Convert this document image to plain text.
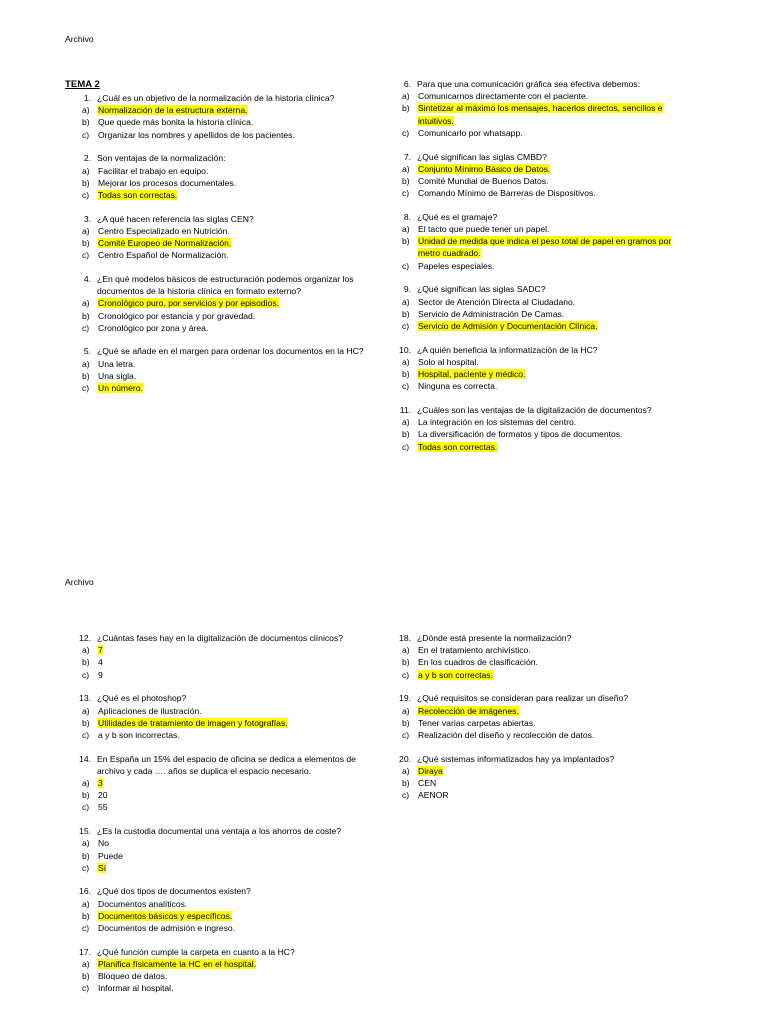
Archivo
TEMA 2
1. ¿Cuál es un objetivo de la normalización de la historia clínica?
a) Normalización de la estructura externa.
b) Que quede más bonita la historia clínica.
c)	Organizar los nombres y apellidos de los pacientes.
2. Son ventajas de la normalización:
a) Facilitar el trabajo en equipo.
b) Mejorar los procesos documentales.
c)	Todas son correctas.
3. ¿A qué hacen referencia las siglas CEN?
a) Centro Especializado en Nutrición.
b) Comité Europeo de Normalización.
c)	Centro Español de Normalización.
4. ¿En qué modelos básicos de estructuración podemos organizar los documentos de la historia clínica en formato externo?
a) Cronológico puro, por servicios y por episodios.
b) Cronológico por estancia y por gravedad.
c)	Cronológico por zona y área.
5. ¿Qué se añade en el margen para ordenar los documentos en la HC?
a) Una letra.
b) Una sigla.
c)	Un número.
6. Para que una comunicación gráfica sea efectiva debemos:
a) Comunicarnos directamente con el paciente.
b) Sintetizar al máximo los mensajes, hacerlos directos, sencillos e intuitivos.
c)	Comunicarlo por whatsapp.
7. ¿Qué significan las siglas CMBD?
a) Conjunto Mínimo Básico de Datos.
b) Comité Mundial de Buenos Datos.
c)	Comando Mínimo de Barreras de Dispositivos.
8. ¿Qué es el gramaje?
a) El tacto que puede tener un papel.
b) Unidad de medida que indica el peso total de papel en gramos por metro cuadrado.
c)	Papeles especiales.
9. ¿Qué significan las siglas SADC?
a) Sector de Atención Directa al Ciudadano.
b) Servicio de Administración De Camas.
c)	Servicio de Admisión y Documentación Clínica.
10. ¿A quién beneficia la informatización de la HC?
a) Solo al hospital.
b) Hospital, paciente y médico.
c)	Ninguna es correcta.
11. ¿Cuáles son las ventajas de la digitalización de documentos?
a) La integración en los sistemas del centro.
b) La diversificación de formatos y tipos de documentos.
c)	Todas son correctas.
Archivo
12. ¿Cuántas fases hay en la digitalización de documentos clínicos?
a) 7
b) 4
c)	9
13. ¿Qué es el photoshop?
a) Aplicaciones de ilustración.
b) Utilidades de tratamiento de imagen y fotografías.
c)	a y b son incorrectas.
14. En España un 15% del espacio de oficina se dedica a elementos de archivo y cada …. años se duplica el espacio necesario.
a) 3
b) 20
c)	55
15. ¿Es la custodia documental una ventaja a los ahorros de coste?
a) No
b) Puede
c)	Sí
16. ¿Qué dos tipos de documentos existen?
a) Documentos analíticos.
b) Documentos básicos y específicos.
c)	Documentos de admisión e ingreso.
17. ¿Qué función cumple la carpeta en cuanto a la HC?
a) Planifica físicamente la HC en el hospital.
b) Bloqueo de datos.
c)	Informar al hospital.
18. ¿Dónde está presente la normalización?
a) En el tratamiento archivístico.
b) En los cuadros de clasificación.
c)	a y b son correctas.
19. ¿Qué requisitos se consideran para realizar un diseño?
a) Recolección de imágenes.
b) Tener varias carpetas abiertas.
c)	Realización del diseño y recolección de datos.
20. ¿Qué sistemas informatizados hay ya implantados?
a) Diraya
b) CEN
c)	AENOR
